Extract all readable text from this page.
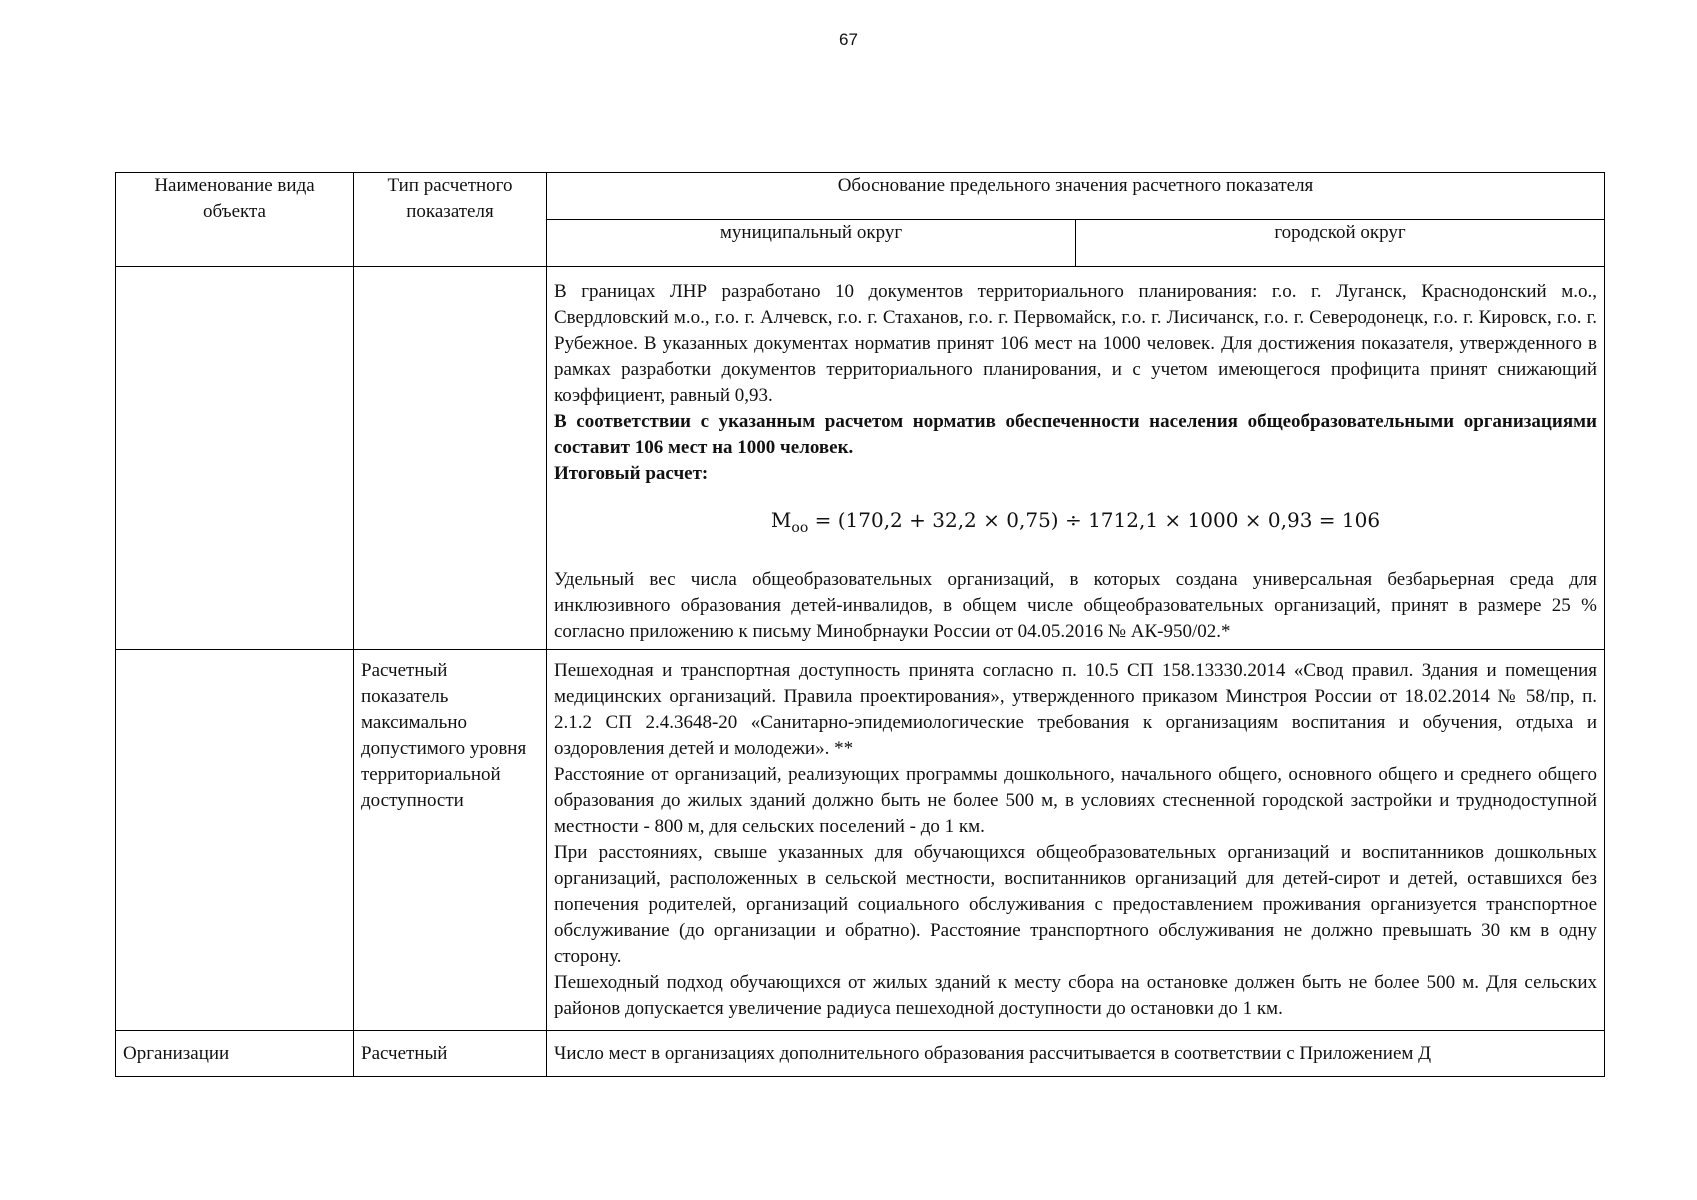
67
Наименование вида объекта	Тип расчетного показателя	Обоснование предельного значения расчетного показателя	
		муниципальный округ	городской округ

		В границах ЛНР разработано 10 документов территориального планирования: г.о. г. Луганск, Краснодонский м.о., Свердловский м.о., г.о. г. Алчевск, г.о. г. Стаханов, г.о. г. Первомайск, г.о. г. Лисичанск, г.о. г. Северодонецк, г.о. г. Кировск, г.о. г. Рубежное. В указанных документах норматив принят 106 мест на 1000 человек. Для достижения показателя, утвержденного в рамках разработки документов территориального планирования, и с учетом имеющегося профицита принят снижающий коэффициент, равный 0,93.

В соответствии с указанным расчетом норматив обеспеченности населения общеобразовательными организациями составит 106 мест на 1000 человек.

Итоговый расчет:

$М_{оо} = (170,2 + 32,2 \times 0,75) \div 1712,1 \times 1000 \times 0,93 = 106$

Удельный вес числа общеобразовательных организаций, в которых создана универсальная безбарьерная среда для инклюзивного образования детей-инвалидов, в общем числе общеобразовательных организаций, принят в размере 25 % согласно приложению к письму Минобрнауки России от 04.05.2016 № АК-950/02.*	

	Расчетный показатель максимально допустимого уровня территориальной доступности	Пешеходная и транспортная доступность принята согласно п. 10.5 СП 158.13330.2014 «Свод правил. Здания и помещения медицинских организаций. Правила проектирования», утвержденного приказом Минстроя России от 18.02.2014 № 58/пр, п. 2.1.2 СП 2.4.3648-20 «Санитарно-эпидемиологические требования к организациям воспитания и обучения, отдыха и оздоровления детей и молодежи». **

Расстояние от организаций, реализующих программы дошкольного, начального общего, основного общего и среднего общего образования до жилых зданий должно быть не более 500 м, в условиях стесненной городской застройки и труднодоступной местности - 800 м, для сельских поселений - до 1 км.

При расстояниях, свыше указанных для обучающихся общеобразовательных организаций и воспитанников дошкольных организаций, расположенных в сельской местности, воспитанников организаций для детей-сирот и детей, оставшихся без попечения родителей, организаций социального обслуживания с предоставлением проживания организуется транспортное обслуживание (до организации и обратно). Расстояние транспортного обслуживания не должно превышать 30 км в одну сторону.

Пешеходный подход обучающихся от жилых зданий к месту сбора на остановке должен быть не более 500 м. Для сельских районов допускается увеличение радиуса пешеходной доступности до остановки до 1 км.	

Организации	Расчетный	Число мест в организациях дополнительного образования рассчитывается в соответствии с Приложением Д	
